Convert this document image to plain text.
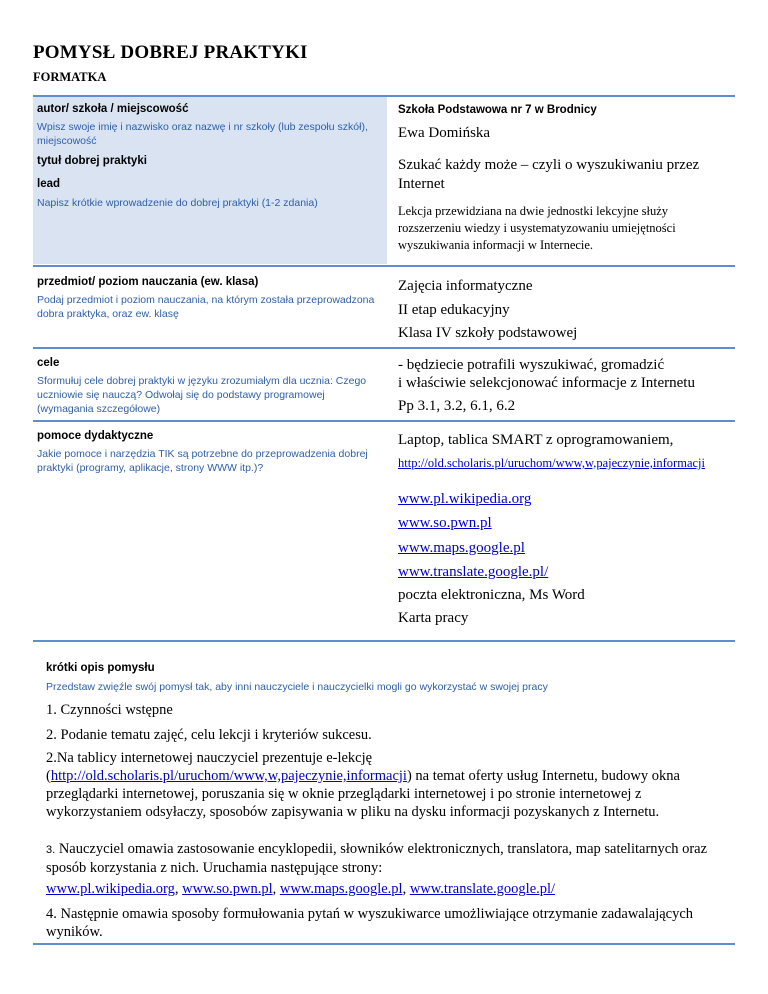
POMYSŁ DOBREJ PRAKTYKI
FORMATKA
autor/ szkoła / miejscowość
Wpisz swoje imię i nazwisko oraz nazwę i nr szkoły (lub zespołu szkół), miejscowość
Szkoła Podstawowa nr 7 w Brodnicy
Ewa Domińska
tytuł dobrej praktyki	Szukać każdy może – czyli o wyszukiwaniu przez Internet
lead
Napisz krótkie wprowadzenie do dobrej praktyki (1-2 zdania)
Lekcja przewidziana na dwie jednostki lekcyjne służy rozszerzeniu wiedzy i usystematyzowaniu umiejętności wyszukiwania informacji w Internecie.
przedmiot/ poziom nauczania (ew. klasa)
Podaj przedmiot i poziom nauczania, na którym została przeprowadzona dobra praktyka, oraz ew. klasę
Zajęcia informatyczne
II etap edukacyjny
Klasa IV szkoły podstawowej
cele
Sformułuj cele dobrej praktyki w języku zrozumiałym dla ucznia: Czego uczniowie się nauczą? Odwołaj się do podstawy programowej (wymagania szczegółowe)
- będziecie potrafili wyszukiwać, gromadzić
i właściwie selekcjonować informacje z Internetu
Pp 3.1, 3.2, 6.1, 6.2
pomoce dydaktyczne
Jakie pomoce i narzędzia TIK są potrzebne do przeprowadzenia dobrej praktyki (programy, aplikacje, strony WWW itp.)?
Laptop, tablica SMART z oprogramowaniem,
http://old.scholaris.pl/uruchom/www,w,pajeczynie,informacji
www.pl.wikipedia.org
www.so.pwn.pl
www.maps.google.pl
www.translate.google.pl/
poczta elektroniczna, Ms Word
Karta pracy
krótki opis pomysłu
Przedstaw zwięźle swój pomysł tak, aby inni nauczyciele i nauczycielki mogli go wykorzystać w swojej pracy
1. Czynności wstępne
2. Podanie tematu zajęć, celu lekcji i kryteriów sukcesu.
2.Na tablicy internetowej nauczyciel prezentuje e-lekcję
(http://old.scholaris.pl/uruchom/www,w,pajeczynie,informacji) na temat oferty usług Internetu, budowy okna przeglądarki internetowej, poruszania się w oknie przeglądarki internetowej i po stronie internetowej z wykorzystaniem odsyłaczy, sposobów zapisywania w pliku na dysku informacji pozyskanych z Internetu.
3. Nauczyciel omawia zastosowanie encyklopedii, słowników elektronicznych, translatora, map satelitarnych oraz sposób korzystania z nich. Uruchamia następujące strony:
www.pl.wikipedia.org, www.so.pwn.pl, www.maps.google.pl, www.translate.google.pl/
4. Następnie omawia sposoby formułowania pytań w wyszukiwarce umożliwiające otrzymanie zadawalających wyników.
